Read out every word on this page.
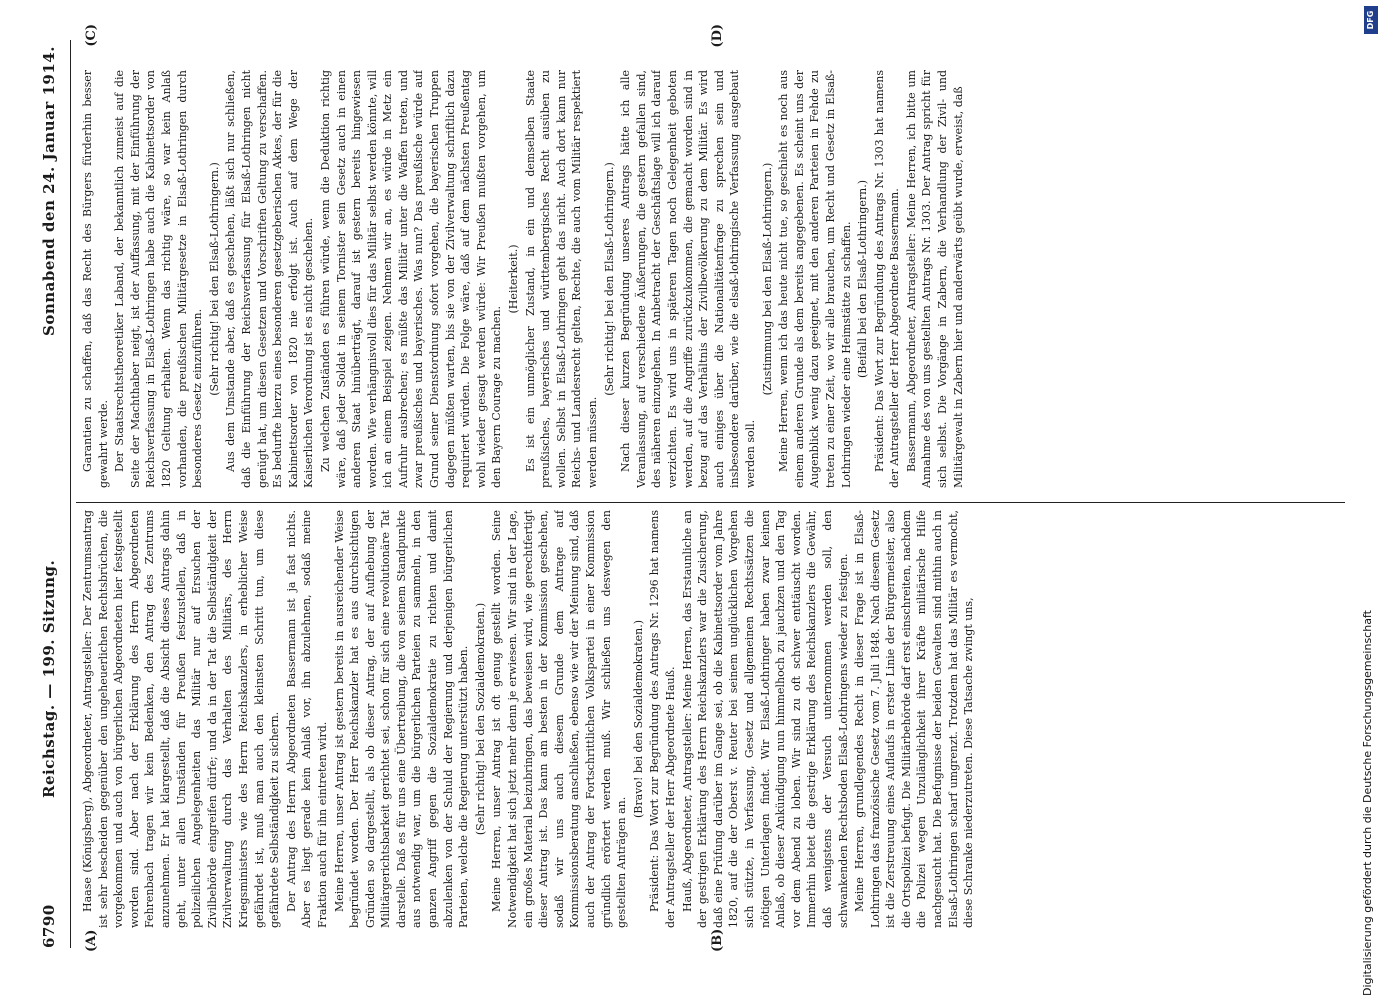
6790
Reichstag. — 199. Sitzung.
Sonnabend den 24. Januar 1914.
(A)	(B)
(C)	(D)

Haase (Königsberg), Abgeordneter, Antragsteller: Der Zentrumsantrag ist sehr bescheiden gegenüber den ungeheuerlichen Rechtsbrüchen, die vorgekommen und auch von bürgerlichen Abgeordneten hier festgestellt worden sind. Aber nach der Erklärung des Herrn Abgeordneten Fehrenbach tragen wir kein Bedenken, den Antrag des Zentrums anzunehmen. Er hat klargestellt, daß die Absicht dieses Antrags dahin geht, unter allen Umständen für Preußen festzustellen, daß in polizeilichen Angelegenheiten das Militär nur auf Ersuchen der Zivilbehörde eingreifen dürfe; und da in der Tat die Selbständigkeit der Zivilverwaltung durch das Verhalten des Militärs, des Herrn Kriegsministers wie des Herrn Reichskanzlers, in erheblicher Weise gefährdet ist, muß man auch den kleinsten Schritt tun, um diese gefährdete Selbständigkeit zu sichern. Der Antrag des Herrn Abgeordneten Bassermann ist ja fast nichts. Aber es liegt gerade kein Anlaß vor, ihn abzulehnen, sodaß meine Fraktion auch für ihn eintreten wird. Meine Herren, unser Antrag ist gestern bereits in ausreichender Weise begründet worden. Der Herr Reichskanzler hat es aus durchsichtigen Gründen so dargestellt, als ob dieser Antrag, der auf Aufhebung der Militärgerichtsbarkeit gerichtet sei, schon für sich eine revolutionäre Tat darstelle. Daß es für uns eine Übertreibung, die von seinem Standpunkte aus notwendig war, um die bürgerlichen Parteien zu sammeln, in den ganzen Angriff gegen die Sozialdemokratie zu richten und damit abzulenken von der Schuld der Regierung und derjenigen bürgerlichen Parteien, welche die Regierung unterstützt haben. (Sehr richtig! bei den Sozialdemokraten.) Meine Herren, unser Antrag ist oft genug gestellt worden. Seine Notwendigkeit hat sich jetzt mehr denn je erwiesen. Wir sind in der Lage, ein großes Material beizubringen, das beweisen wird, wie gerechtfertigt dieser Antrag ist. Das kann am besten in der Kommission geschehen, sodaß wir uns auch diesem Grunde dem Antrage auf Kommissionsberatung anschließen, ebenso wie wir der Meinung sind, daß auch der Antrag der Fortschrittlichen Volkspartei in einer Kommission gründlich erörtert werden muß. Wir schließen uns deswegen den gestellten Anträgen an.

(Bravo! bei den Sozialdemokraten.) Präsident: Das Wort zur Begründung des Antrags Nr. 1296 hat namens der Antragsteller der Herr Abgeordnete Hauß. Hauß, Abgeordneter, Antragsteller: Meine Herren, das Erstaunliche an der gestrigen Erklärung des Herrn Reichskanzlers war die Zusicherung, daß eine Prüfung darüber im Gange sei, ob die Kabinettsorder vom Jahre 1820, auf die der Oberst v. Reuter bei seinem unglücklichen Vorgehen sich stützte, in Verfassung, Gesetz und allgemeinen Rechtssätzen die nötigen Unterlagen findet. Wir Elsaß-Lothringer haben zwar keinen Anlaß, ob dieser Ankündigung nun himmelhoch zu jauchzen und den Tag vor dem Abend zu loben. Wir sind zu oft schwer enttäuscht worden. Immerhin bietet die gestrige Erklärung des Reichskanzlers die Gewähr, daß wenigstens der Versuch unternommen werden soll, den schwankenden Rechtsboden Elsaß-Lothringens wieder zu festigen. Meine Herren, grundlegendes Recht in dieser Frage ist in Elsaß-Lothringen das französische Gesetz vom 7. Juli 1848. Nach diesem Gesetz ist die Zerstreuung eines Auflaufs in erster Linie der Bürgermeister, also die Ortspolizei befugt. Die Militärbehörde darf erst einschreiten, nachdem die Polizei wegen Unzulänglichkeit ihrer Kräfte militärische Hilfe nachgesucht hat. Die Befugnisse der beiden Gewalten sind mithin auch in Elsaß-Lothringen scharf umgrenzt. Trotzdem hat das Militär es vermocht, diese Schranke niederzutreten. Diese Tatsache zwingt uns,

Garantien zu schaffen, daß das Recht des Bürgers fürderhin besser gewahrt werde. Der Staatsrechtstheoretiker Laband, der bekanntlich zumeist auf die Seite der Machthaber neigt, ist der Auffassung, mit der Einführung der Reichsverfassung in Elsaß-Lothringen habe auch die Kabinettsorder von 1820 Geltung erhalten. Wenn das richtig wäre, so war kein Anlaß vorhanden, die preußischen Militärgesetze in Elsaß-Lothringen durch besonderes Gesetz einzuführen.

(Sehr richtig! bei den Elsaß-Lothringern.) Aus dem Umstande aber, daß es geschehen, läßt sich nur schließen, daß die Einführung der Reichsverfassung für Elsaß-Lothringen nicht genügt hat, um diesen Gesetzen und Vorschriften Geltung zu verschaffen. Es bedurfte hierzu eines besonderen gesetzgeberischen Aktes, der für die Kabinettsorder von 1820 nie erfolgt ist. Auch auf dem Wege der Kaiserlichen Verordnung ist es nicht geschehen. Zu welchen Zuständen es führen würde, wenn die Deduktion richtig wäre, daß jeder Soldat in seinem Tornister sein Gesetz auch in einen anderen Staat hinüberträgt, darauf ist gestern bereits hingewiesen worden. Wie verhängnisvoll dies für das Militär selbst werden könnte, will ich an einem Beispiel zeigen. Nehmen wir an, es würde in Metz ein Aufruhr ausbrechen; es müßte das Militär unter die Waffen treten, und zwar preußisches und bayerisches. Was nun? Das preußische würde auf Grund seiner Dienstordnung sofort vorgehen, die bayerischen Truppen dagegen müßten warten, bis sie von der Zivilverwaltung schriftlich dazu requiriert würden. Die Folge wäre, daß auf dem nächsten Preußentag wohl wieder gesagt werden würde: Wir Preußen mußten vorgehen, um den Bayern Courage zu machen.

(Heiterkeit.) Es ist ein unmöglicher Zustand, in ein und demselben Staate preußisches, bayerisches und württembergisches Recht ausüben zu wollen. Selbst in Elsaß-Lothringen geht das nicht. Auch dort kann nur Reichs- und Landesrecht gelten, Rechte, die auch vom Militär respektiert werden müssen.

(Sehr richtig! bei den Elsaß-Lothringern.) Nach dieser kurzen Begründung unseres Antrags hätte ich alle Veranlassung, auf verschiedene Äußerungen, die gestern gefallen sind, des näheren einzugehen. In Anbetracht der Geschäftslage will ich darauf verzichten. Es wird uns in späteren Tagen noch Gelegenheit geboten werden, auf die Angriffe zurückzukommen, die gemacht worden sind in bezug auf das Verhältnis der Zivilbevölkerung zu dem Militär. Es wird auch einiges über die Nationalitätenfrage zu sprechen sein und insbesondere darüber, wie die elsaß-lothringische Verfassung ausgebaut werden soll.

(Zustimmung bei den Elsaß-Lothringern.) Meine Herren, wenn ich das heute nicht tue, so geschieht es noch aus einem anderen Grunde als dem bereits angegebenen. Es scheint uns der Augenblick wenig dazu geeignet, mit den anderen Parteien in Fehde zu treten zu einer Zeit, wo wir alle brauchen, um Recht und Gesetz in Elsaß-Lothringen wieder eine Heimstätte zu schaffen. (Beifall bei den Elsaß-Lothringern.) Präsident: Das Wort zur Begründung des Antrags Nr. 1303 hat namens der Antragsteller der Herr Abgeordnete Bassermann. Bassermann, Abgeordneter, Antragsteller: Meine Herren, ich bitte um Annahme des von uns gestellten Antrags Nr. 1303. Der Antrag spricht für sich selbst. Die Vorgänge in Zabern, die Verhandlung der Zivil- und Militärgewalt in Zabern hier und anderwärts geübt wurde, erweist, daß

Digitalisierung gefördert durch die Deutsche Forschungsgemeinschaft
DFG
